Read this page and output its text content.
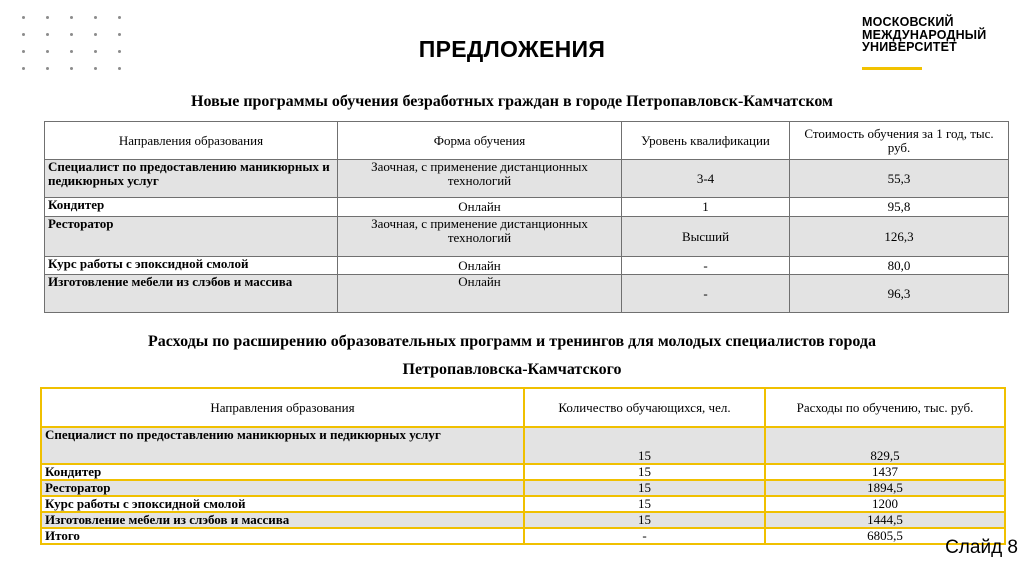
ПРЕДЛОЖЕНИЯ
МОСКОВСКИЙ
МЕЖДУНАРОДНЫЙ
УНИВЕРСИТЕТ
Новые программы обучения безработных граждан в городе Петропавловск-Камчатском
Направления образования	Форма обучения	Уровень квалификации	Стоимость обучения за 1 год, тыс. руб.
Специалист по предоставлению маникюрных и педикюрных услуг	Заочная, с применение дистанционных технологий	3-4	55,3
Кондитер	Онлайн	1	95,8
Ресторатор	Заочная, с применение дистанционных технологий	Высший	126,3
Курс работы с эпоксидной смолой	Онлайн	-	80,0
Изготовление мебели из слэбов и массива	Онлайн	-	96,3
Расходы по расширению образовательных программ и тренингов для молодых специалистов города
Петропавловска-Камчатского
Направления образования	Количество обучающихся, чел.	Расходы по обучению, тыс. руб.
Специалист по предоставлению маникюрных и педикюрных услуг	15	829,5
Кондитер	15	1437
Ресторатор	15	1894,5
Курс работы с эпоксидной смолой	15	1200
Изготовление мебели из слэбов и массива	15	1444,5
Итого	-	6805,5
Слайд 8
